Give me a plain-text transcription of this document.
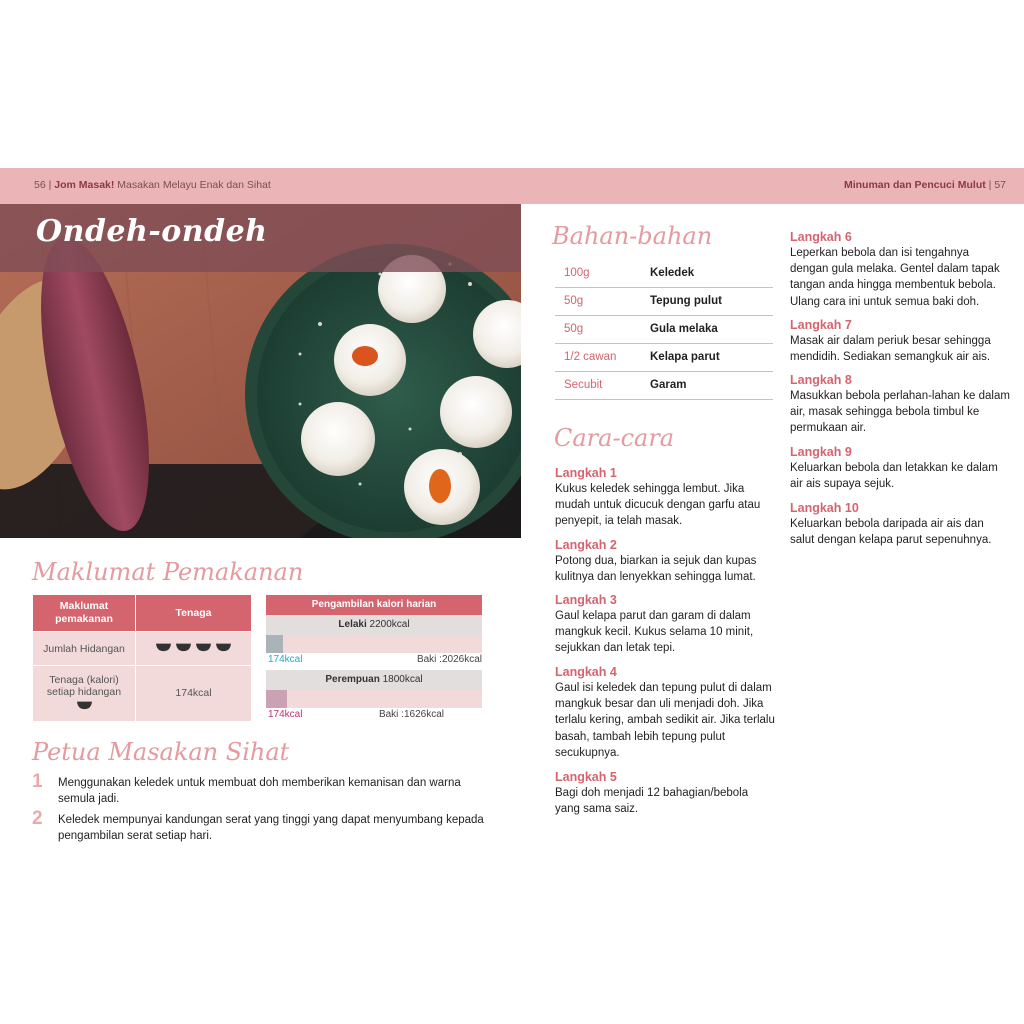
56 | Jom Masak! Masakan Melayu Enak dan Sihat	Minuman dan Pencuci Mulut | 57
Ondeh-ondeh
Maklumat Pemakanan
Maklumat pemakanan	Tenaga
Jumlah Hidangan	

Tenaga (kalori) setiap hidangan	174kcal
Pengambilan kalori harian
Lelaki 2200kcal
174kcal	Baki :2026kcal
Perempuan 1800kcal
174kcal	Baki :1626kcal
Petua Masakan Sihat
1 Menggunakan keledek untuk membuat doh memberikan kemanisan dan warna semula jadi.
2 Keledek mempunyai kandungan serat yang tinggi yang dapat menyumbang kepada pengambilan serat setiap hari.
Bahan-bahan
100g	Keledek
50g	Tepung pulut
50g	Gula melaka
1/2 cawan	Kelapa parut
Secubit	Garam
Cara-cara
Langkah 1
Kukus keledek sehingga lembut. Jika mudah untuk dicucuk dengan garfu atau penyepit, ia telah masak.
Langkah 2
Potong dua, biarkan ia sejuk dan kupas kulitnya dan lenyekkan sehingga lumat.
Langkah 3
Gaul kelapa parut dan garam di dalam mangkuk kecil. Kukus selama 10 minit, sejukkan dan letak tepi.
Langkah 4
Gaul isi keledek dan tepung pulut di dalam mangkuk besar dan uli menjadi doh. Jika terlalu kering, ambah sedikit air. Jika terlalu basah, tambah lebih tepung pulut secukupnya.
Langkah 5
Bagi doh menjadi 12 bahagian/bebola yang sama saiz.
Langkah 6
Leperkan bebola dan isi tengahnya dengan gula melaka. Gentel dalam tapak tangan anda hingga membentuk bebola. Ulang cara ini untuk semua baki doh.
Langkah 7
Masak air dalam periuk besar sehingga mendidih. Sediakan semangkuk air ais.
Langkah 8
Masukkan bebola perlahan-lahan ke dalam air, masak sehingga bebola timbul ke permukaan air.
Langkah 9
Keluarkan bebola dan letakkan ke dalam air ais supaya sejuk.
Langkah 10
Keluarkan bebola daripada air ais dan salut dengan kelapa parut sepenuhnya.
